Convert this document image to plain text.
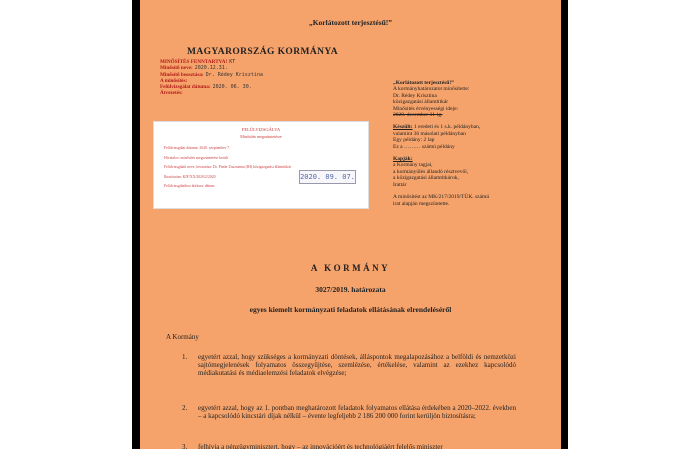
„Korlátozott terjesztésű!”
MAGYARORSZÁG KORMÁNYA
MINŐSÍTÉS FENNTARTVA! KT
Minősítő neve: 2020.12.31.
Minősítő beosztása: Dr. Rédey Krisztina
A minősítés:
Felülvizsgálat dátuma: 2020. 06. 30.
Átvezetés:
FELÜLVIZSGÁLVA
Minősítés megszüntetésre
Felülvizsgálat dátuma: 2020. szeptember 7.
Hivatalos: minősítés megszüntetése került
Felülvizsgálati neve, beosztása: Dr. Pintér Zsuzsanna (IH) közigazgatási államtitkár
Iktatószám: KIF/XX/2020/2/2020
Felülvizsgálathoz átírásra: dátum
2020. 09. 07.
„Korlátozott terjesztésű!”
A kormányhatározatot minősítette:
Dr. Rédey Krisztina
közigazgatási államtitkár
Minősítés érvényességi ideje:
2020. december 31-ig.
Készült: 1 eredeti és 1 s.k. példányban,
valamint 36 másolati példányban
Egy példány: 2 lap
Ez a ……… számú példány
Kapják:
a Kormány tagjai,
a kormányülés állandó résztvevői,
a közigazgatási államtitkárok,
Irattár
A minősítést az MK/217/2019/TÜK. számú
irat alapján megszüntette.
A KORMÁNY
3027/2019. határozata
egyes kiemelt kormányzati feladatok ellátásának elrendeléséről
A Kormány
1. egyetért azzal, hogy szükséges a kormányzati döntések, álláspontok megalapozásához a belföldi és nemzetközi sajtómegjelenések folyamatos összegyűjtése, szemlézése, értékelése, valamint az ezekhez kapcsolódó médiakutatási és médiaelemzési feladatok elvégzése;
2. egyetért azzal, hogy az 1. pontban meghatározott feladatok folyamatos ellátása érdekében a 2020–2022. években – a kapcsolódó kincstári díjak nélkül – évente legfeljebb 2 186 200 000 forint kerüljön biztosításra;
3. felhívja a pénzügyminisztert, hogy – az innovációért és technológiáért felelős miniszter
